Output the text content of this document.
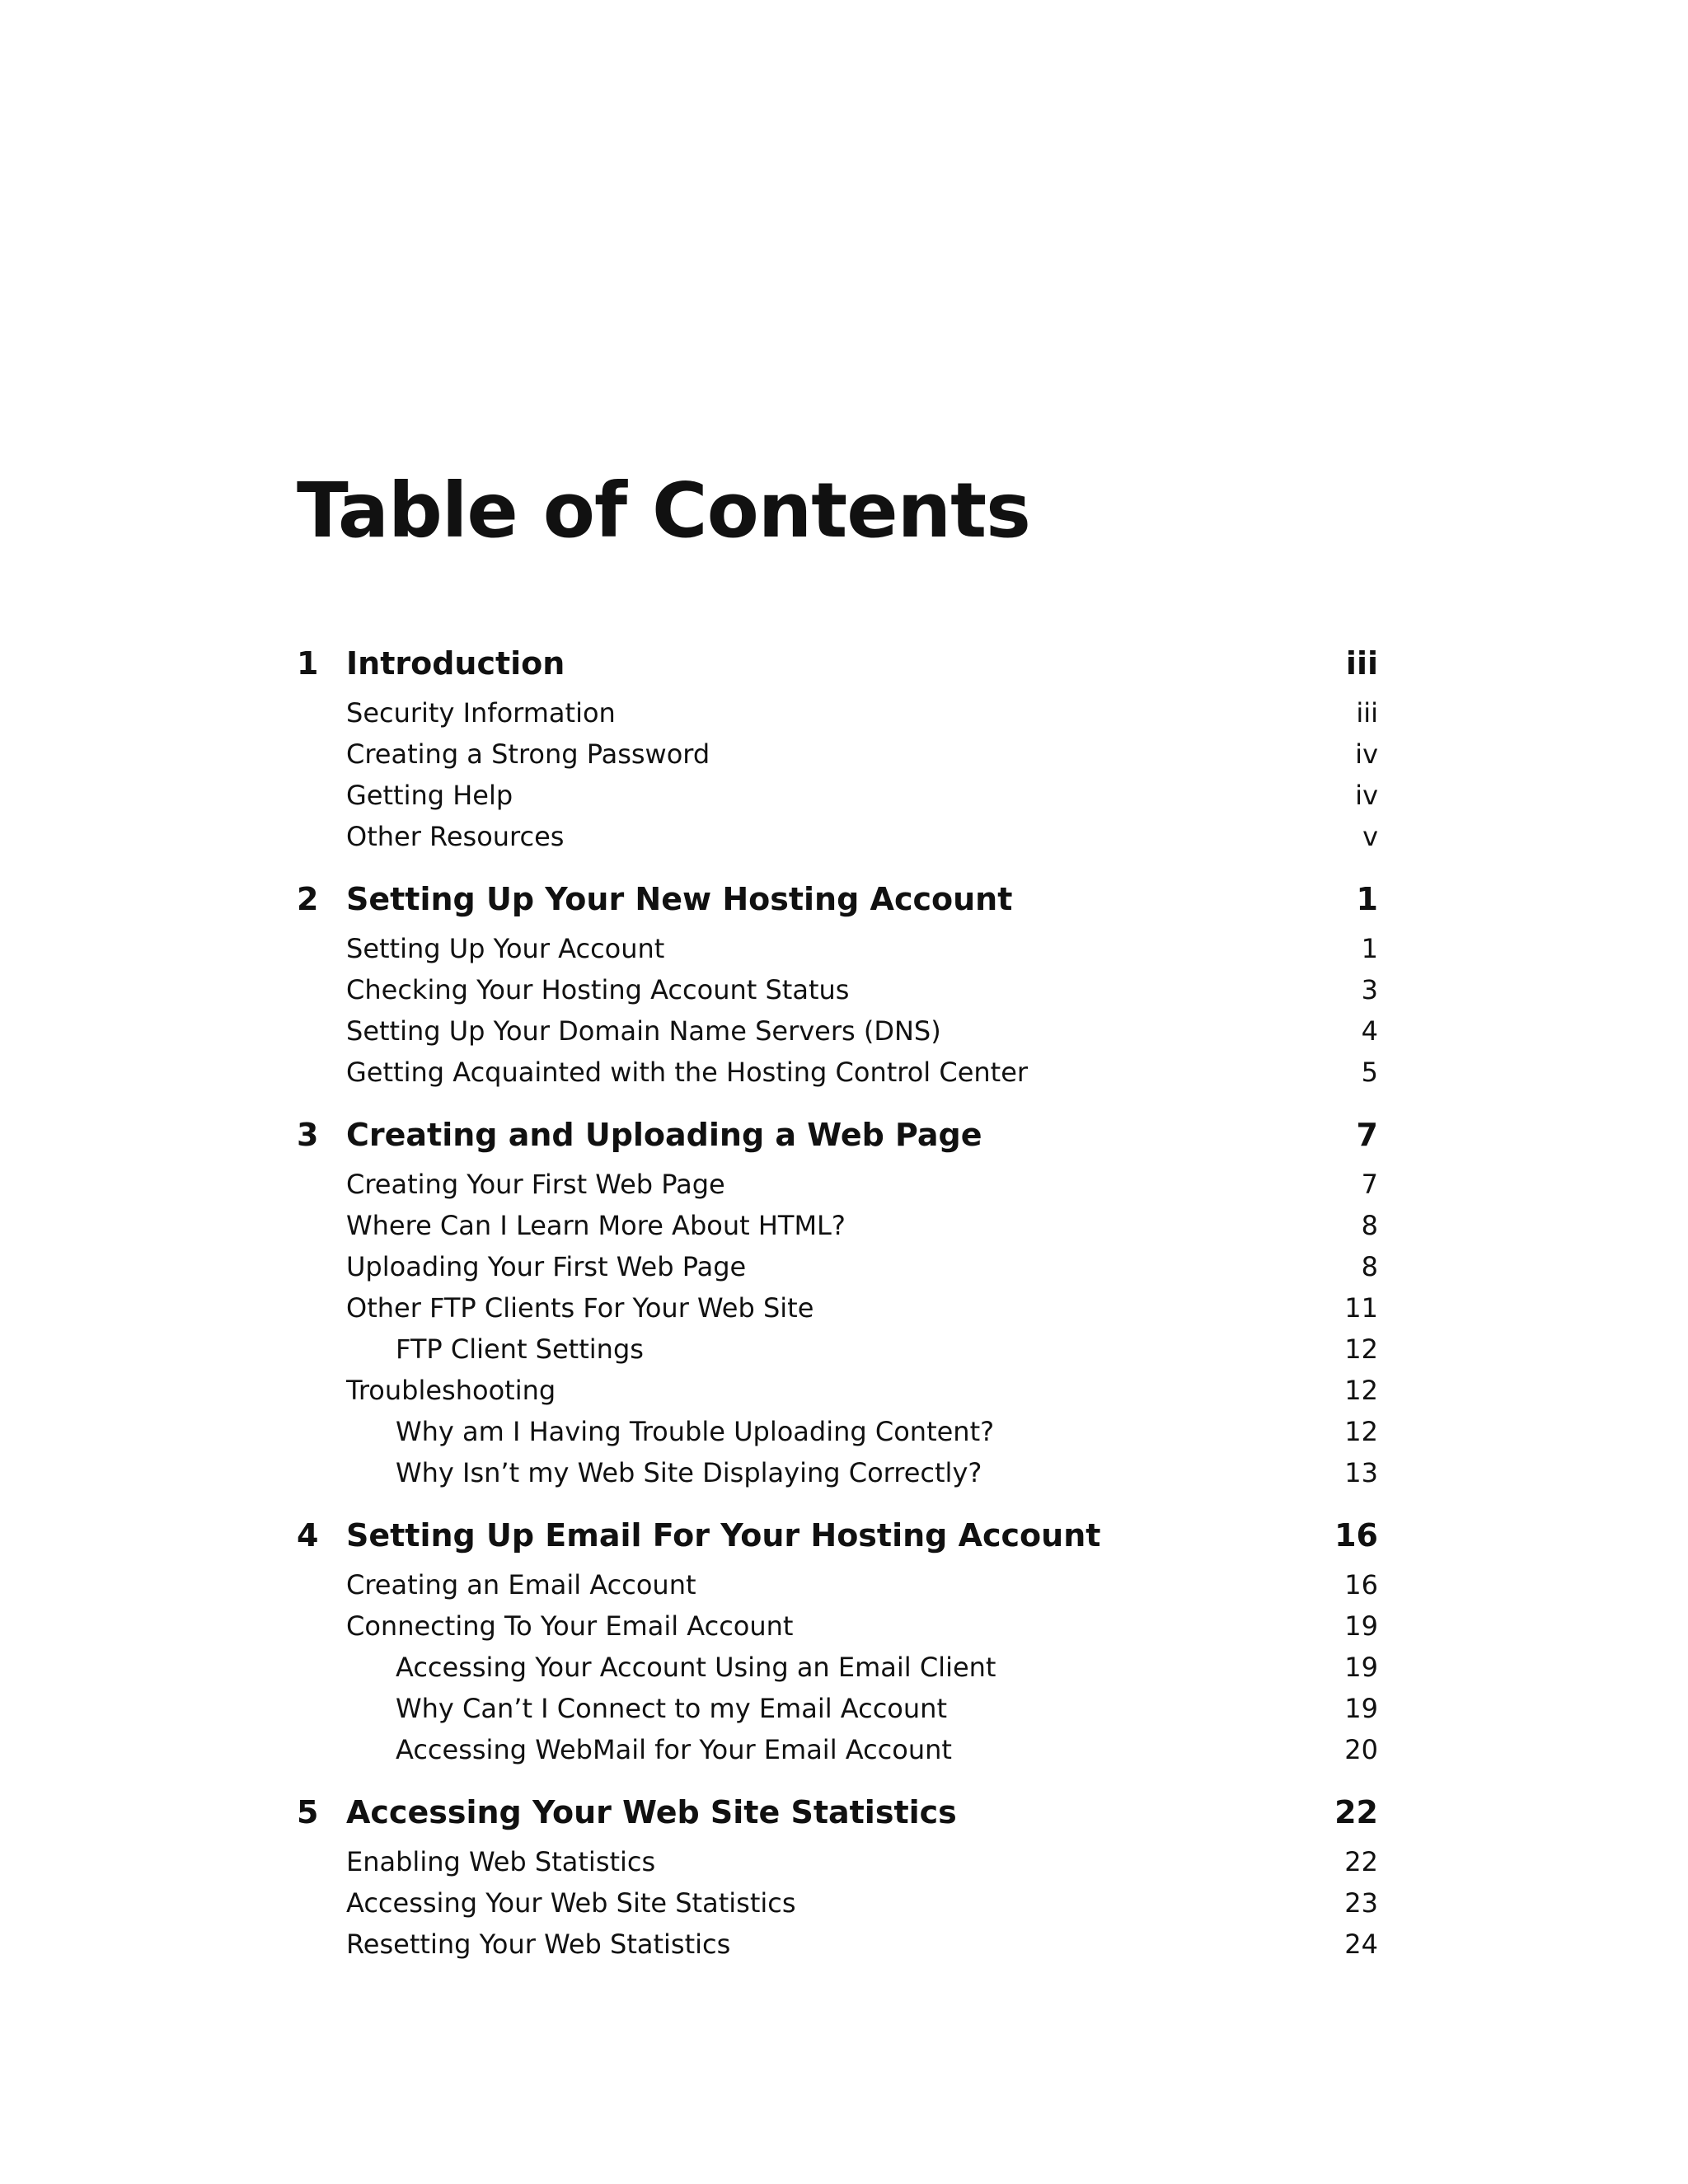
Table of Contents
1 Introduction	iii
Security Information	iii
Creating a Strong Password	iv
Getting Help	iv
Other Resources	v
2 Setting Up Your New Hosting Account	1
Setting Up Your Account	1
Checking Your Hosting Account Status	3
Setting Up Your Domain Name Servers (DNS)	4
Getting Acquainted with the Hosting Control Center	5
3 Creating and Uploading a Web Page	7
Creating Your First Web Page	7
Where Can I Learn More About HTML?	8
Uploading Your First Web Page	8
Other FTP Clients For Your Web Site	11
FTP Client Settings	12
Troubleshooting	12
Why am I Having Trouble Uploading Content?	12
Why Isn’t my Web Site Displaying Correctly?	13
4 Setting Up Email For Your Hosting Account	16
Creating an Email Account	16
Connecting To Your Email Account	19
Accessing Your Account Using an Email Client	19
Why Can’t I Connect to my Email Account	19
Accessing WebMail for Your Email Account	20
5 Accessing Your Web Site Statistics	22
Enabling Web Statistics	22
Accessing Your Web Site Statistics	23
Resetting Your Web Statistics	24
